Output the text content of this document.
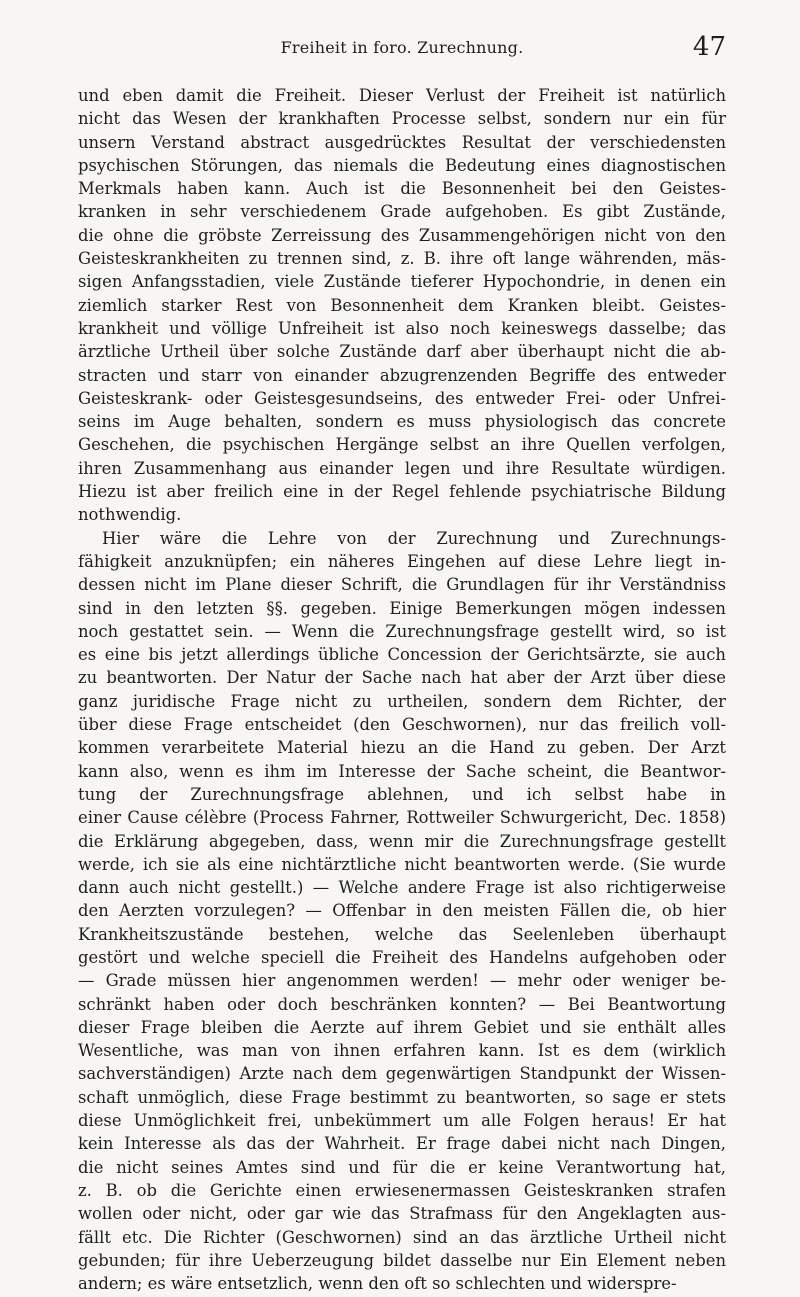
Freiheit in foro. Zurechnung.	47
und eben damit die Freiheit. Dieser Verlust der Freiheit ist natürlich
nicht das Wesen der krankhaften Processe selbst, sondern nur ein für
unsern Verstand abstract ausgedrücktes Resultat der verschiedensten
psychischen Störungen, das niemals die Bedeutung eines diagnostischen
Merkmals haben kann. Auch ist die Besonnenheit bei den Geistes-
kranken in sehr verschiedenem Grade aufgehoben. Es gibt Zustände,
die ohne die gröbste Zerreissung des Zusammengehörigen nicht von den
Geisteskrankheiten zu trennen sind, z. B. ihre oft lange währenden, mäs-
sigen Anfangsstadien, viele Zustände tieferer Hypochondrie, in denen ein
ziemlich starker Rest von Besonnenheit dem Kranken bleibt. Geistes-
krankheit und völlige Unfreiheit ist also noch keineswegs dasselbe; das
ärztliche Urtheil über solche Zustände darf aber überhaupt nicht die ab-
stracten und starr von einander abzugrenzenden Begriffe des entweder
Geisteskrank- oder Geistesgesundseins, des entweder Frei- oder Unfrei-
seins im Auge behalten, sondern es muss physiologisch das concrete
Geschehen, die psychischen Hergänge selbst an ihre Quellen verfolgen,
ihren Zusammenhang aus einander legen und ihre Resultate würdigen.
Hiezu ist aber freilich eine in der Regel fehlende psychiatrische Bildung
nothwendig.
Hier wäre die Lehre von der Zurechnung und Zurechnungs-
fähigkeit anzuknüpfen; ein näheres Eingehen auf diese Lehre liegt in-
dessen nicht im Plane dieser Schrift, die Grundlagen für ihr Verständniss
sind in den letzten §§. gegeben. Einige Bemerkungen mögen indessen
noch gestattet sein. — Wenn die Zurechnungsfrage gestellt wird, so ist
es eine bis jetzt allerdings übliche Concession der Gerichtsärzte, sie auch
zu beantworten. Der Natur der Sache nach hat aber der Arzt über diese
ganz juridische Frage nicht zu urtheilen, sondern dem Richter, der
über diese Frage entscheidet (den Geschwornen), nur das freilich voll-
kommen verarbeitete Material hiezu an die Hand zu geben. Der Arzt
kann also, wenn es ihm im Interesse der Sache scheint, die Beantwor-
tung der Zurechnungsfrage ablehnen, und ich selbst habe in
einer Cause célèbre (Process Fahrner, Rottweiler Schwurgericht, Dec. 1858)
die Erklärung abgegeben, dass, wenn mir die Zurechnungsfrage gestellt
werde, ich sie als eine nichtärztliche nicht beantworten werde. (Sie wurde
dann auch nicht gestellt.) — Welche andere Frage ist also richtigerweise
den Aerzten vorzulegen? — Offenbar in den meisten Fällen die, ob hier
Krankheitszustände bestehen, welche das Seelenleben überhaupt
gestört und welche speciell die Freiheit des Handelns aufgehoben oder
— Grade müssen hier angenommen werden! — mehr oder weniger be-
schränkt haben oder doch beschränken konnten? — Bei Beantwortung
dieser Frage bleiben die Aerzte auf ihrem Gebiet und sie enthält alles
Wesentliche, was man von ihnen erfahren kann. Ist es dem (wirklich
sachverständigen) Arzte nach dem gegenwärtigen Standpunkt der Wissen-
schaft unmöglich, diese Frage bestimmt zu beantworten, so sage er stets
diese Unmöglichkeit frei, unbekümmert um alle Folgen heraus! Er hat
kein Interesse als das der Wahrheit. Er frage dabei nicht nach Dingen,
die nicht seines Amtes sind und für die er keine Verantwortung hat,
z. B. ob die Gerichte einen erwiesenermassen Geisteskranken strafen
wollen oder nicht, oder gar wie das Strafmass für den Angeklagten aus-
fällt etc. Die Richter (Geschwornen) sind an das ärztliche Urtheil nicht
gebunden; für ihre Ueberzeugung bildet dasselbe nur Ein Element neben
andern; es wäre entsetzlich, wenn den oft so schlechten und widerspre-
